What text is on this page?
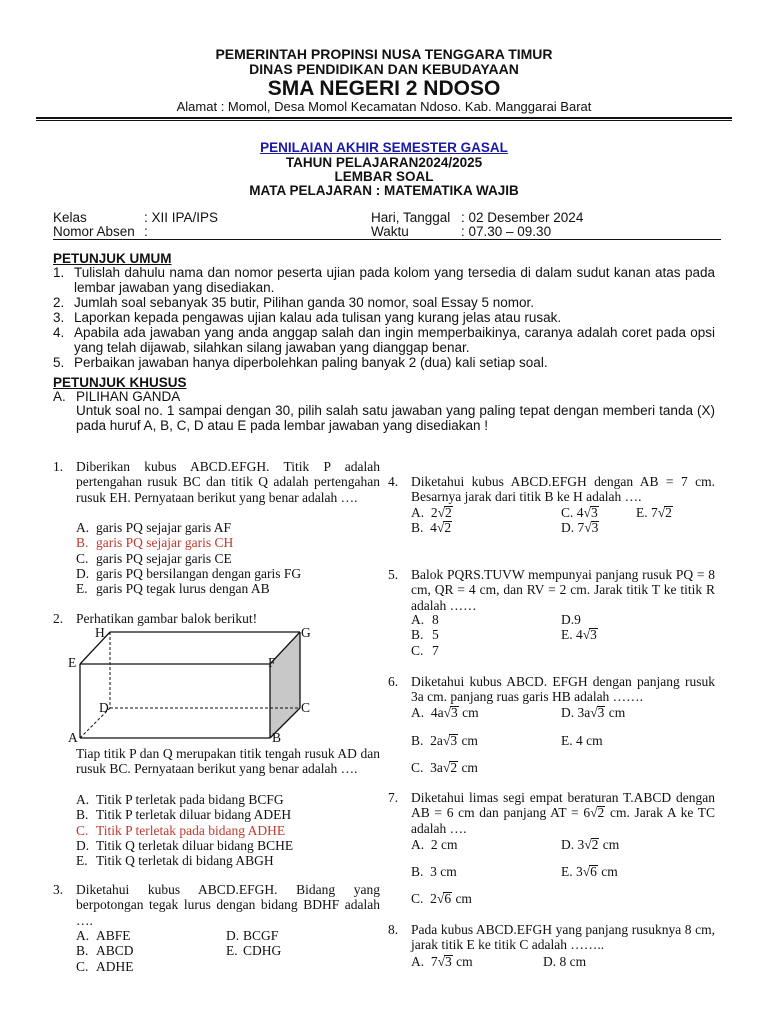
PEMERINTAH PROPINSI NUSA TENGGARA TIMUR
DINAS PENDIDIKAN DAN KEBUDAYAAN
SMA NEGERI 2 NDOSO
Alamat : Momol, Desa Momol Kecamatan Ndoso. Kab. Manggarai Barat
PENILAIAN AKHIR SEMESTER GASAL
TAHUN PELAJARAN2024/2025
LEMBAR SOAL
MATA PELAJARAN : MATEMATIKA WAJIB
Kelas	: XII IPA/IPS
Nomor Absen :
Hari, Tanggal : 02 Desember 2024
Waktu	: 07.30 – 09.30
PETUNJUK UMUM
1. Tulislah dahulu nama dan nomor peserta ujian pada kolom yang tersedia di dalam sudut kanan atas pada lembar jawaban yang disediakan.
2. Jumlah soal sebanyak 35 butir, Pilihan ganda 30 nomor, soal Essay 5 nomor.
3. Laporkan kepada pengawas ujian kalau ada tulisan yang kurang jelas atau rusak.
4. Apabila ada jawaban yang anda anggap salah dan ingin memperbaikinya, caranya adalah coret pada opsi yang telah dijawab, silahkan silang jawaban yang dianggap benar.
5. Perbaikan jawaban hanya diperbolehkan paling banyak 2 (dua) kali setiap soal.
PETUNJUK KHUSUS
A. PILIHAN GANDA
Untuk soal no. 1 sampai dengan 30, pilih salah satu jawaban yang paling tepat dengan memberi tanda (X) pada huruf A, B, C, D atau E pada lembar jawaban yang disediakan !
1. Diberikan kubus ABCD.EFGH. Titik P adalah pertengahan rusuk BC dan titik Q adalah pertengahan rusuk EH. Pernyataan berikut yang benar adalah ….
A. garis PQ sejajar garis AF
B. garis PQ sejajar garis CH
C. garis PQ sejajar garis CE
D. garis PQ bersilangan dengan garis FG
E. garis PQ tegak lurus dengan AB
2. Perhatikan gambar balok berikut!
H	G
E	F
D	C
A	B
Tiap titik P dan Q merupakan titik tengah rusuk AD dan rusuk BC. Pernyataan berikut yang benar adalah ….
A. Titik P terletak pada bidang BCFG
B. Titik P terletak diluar bidang ADEH
C. Titik P terletak pada bidang ADHE
D. Titik Q terletak diluar bidang BCHE
E. Titik Q terletak di bidang ABGH
3. Diketahui kubus ABCD.EFGH. Bidang yang berpotongan tegak lurus dengan bidang BDHF adalah ….
A. ABFE
B. ABCD
C. ADHE
D. BCGF
E. CDHG
4. Diketahui kubus ABCD.EFGH dengan AB = 7 cm. Besarnya jarak dari titik B ke H adalah ….
A. 2√2
B. 4√2
C. 4√3
D. 7√3
E. 7√2
5. Balok PQRS.TUVW mempunyai panjang rusuk PQ = 8 cm, QR = 4 cm, dan RV = 2 cm. Jarak titik T ke titik R adalah ……
A. 8
B. 5
C. 7
D.9
E. 4√3
6. Diketahui kubus ABCD. EFGH dengan panjang rusuk 3a cm. panjang ruas garis HB adalah …….
A. 4a√3 cm
B. 2a√3 cm
C. 3a√2 cm
D. 3a√3 cm
E. 4 cm
7. Diketahui limas segi empat beraturan T.ABCD dengan AB = 6 cm dan panjang AT = 6√2 cm. Jarak A ke TC adalah ….
A. 2 cm
B. 3 cm
C. 2√6 cm
D. 3√2 cm
E. 3√6 cm
8. Pada kubus ABCD.EFGH yang panjang rusuknya 8 cm, jarak titik E ke titik C adalah ……..
A. 7√3 cm	D. 8 cm
